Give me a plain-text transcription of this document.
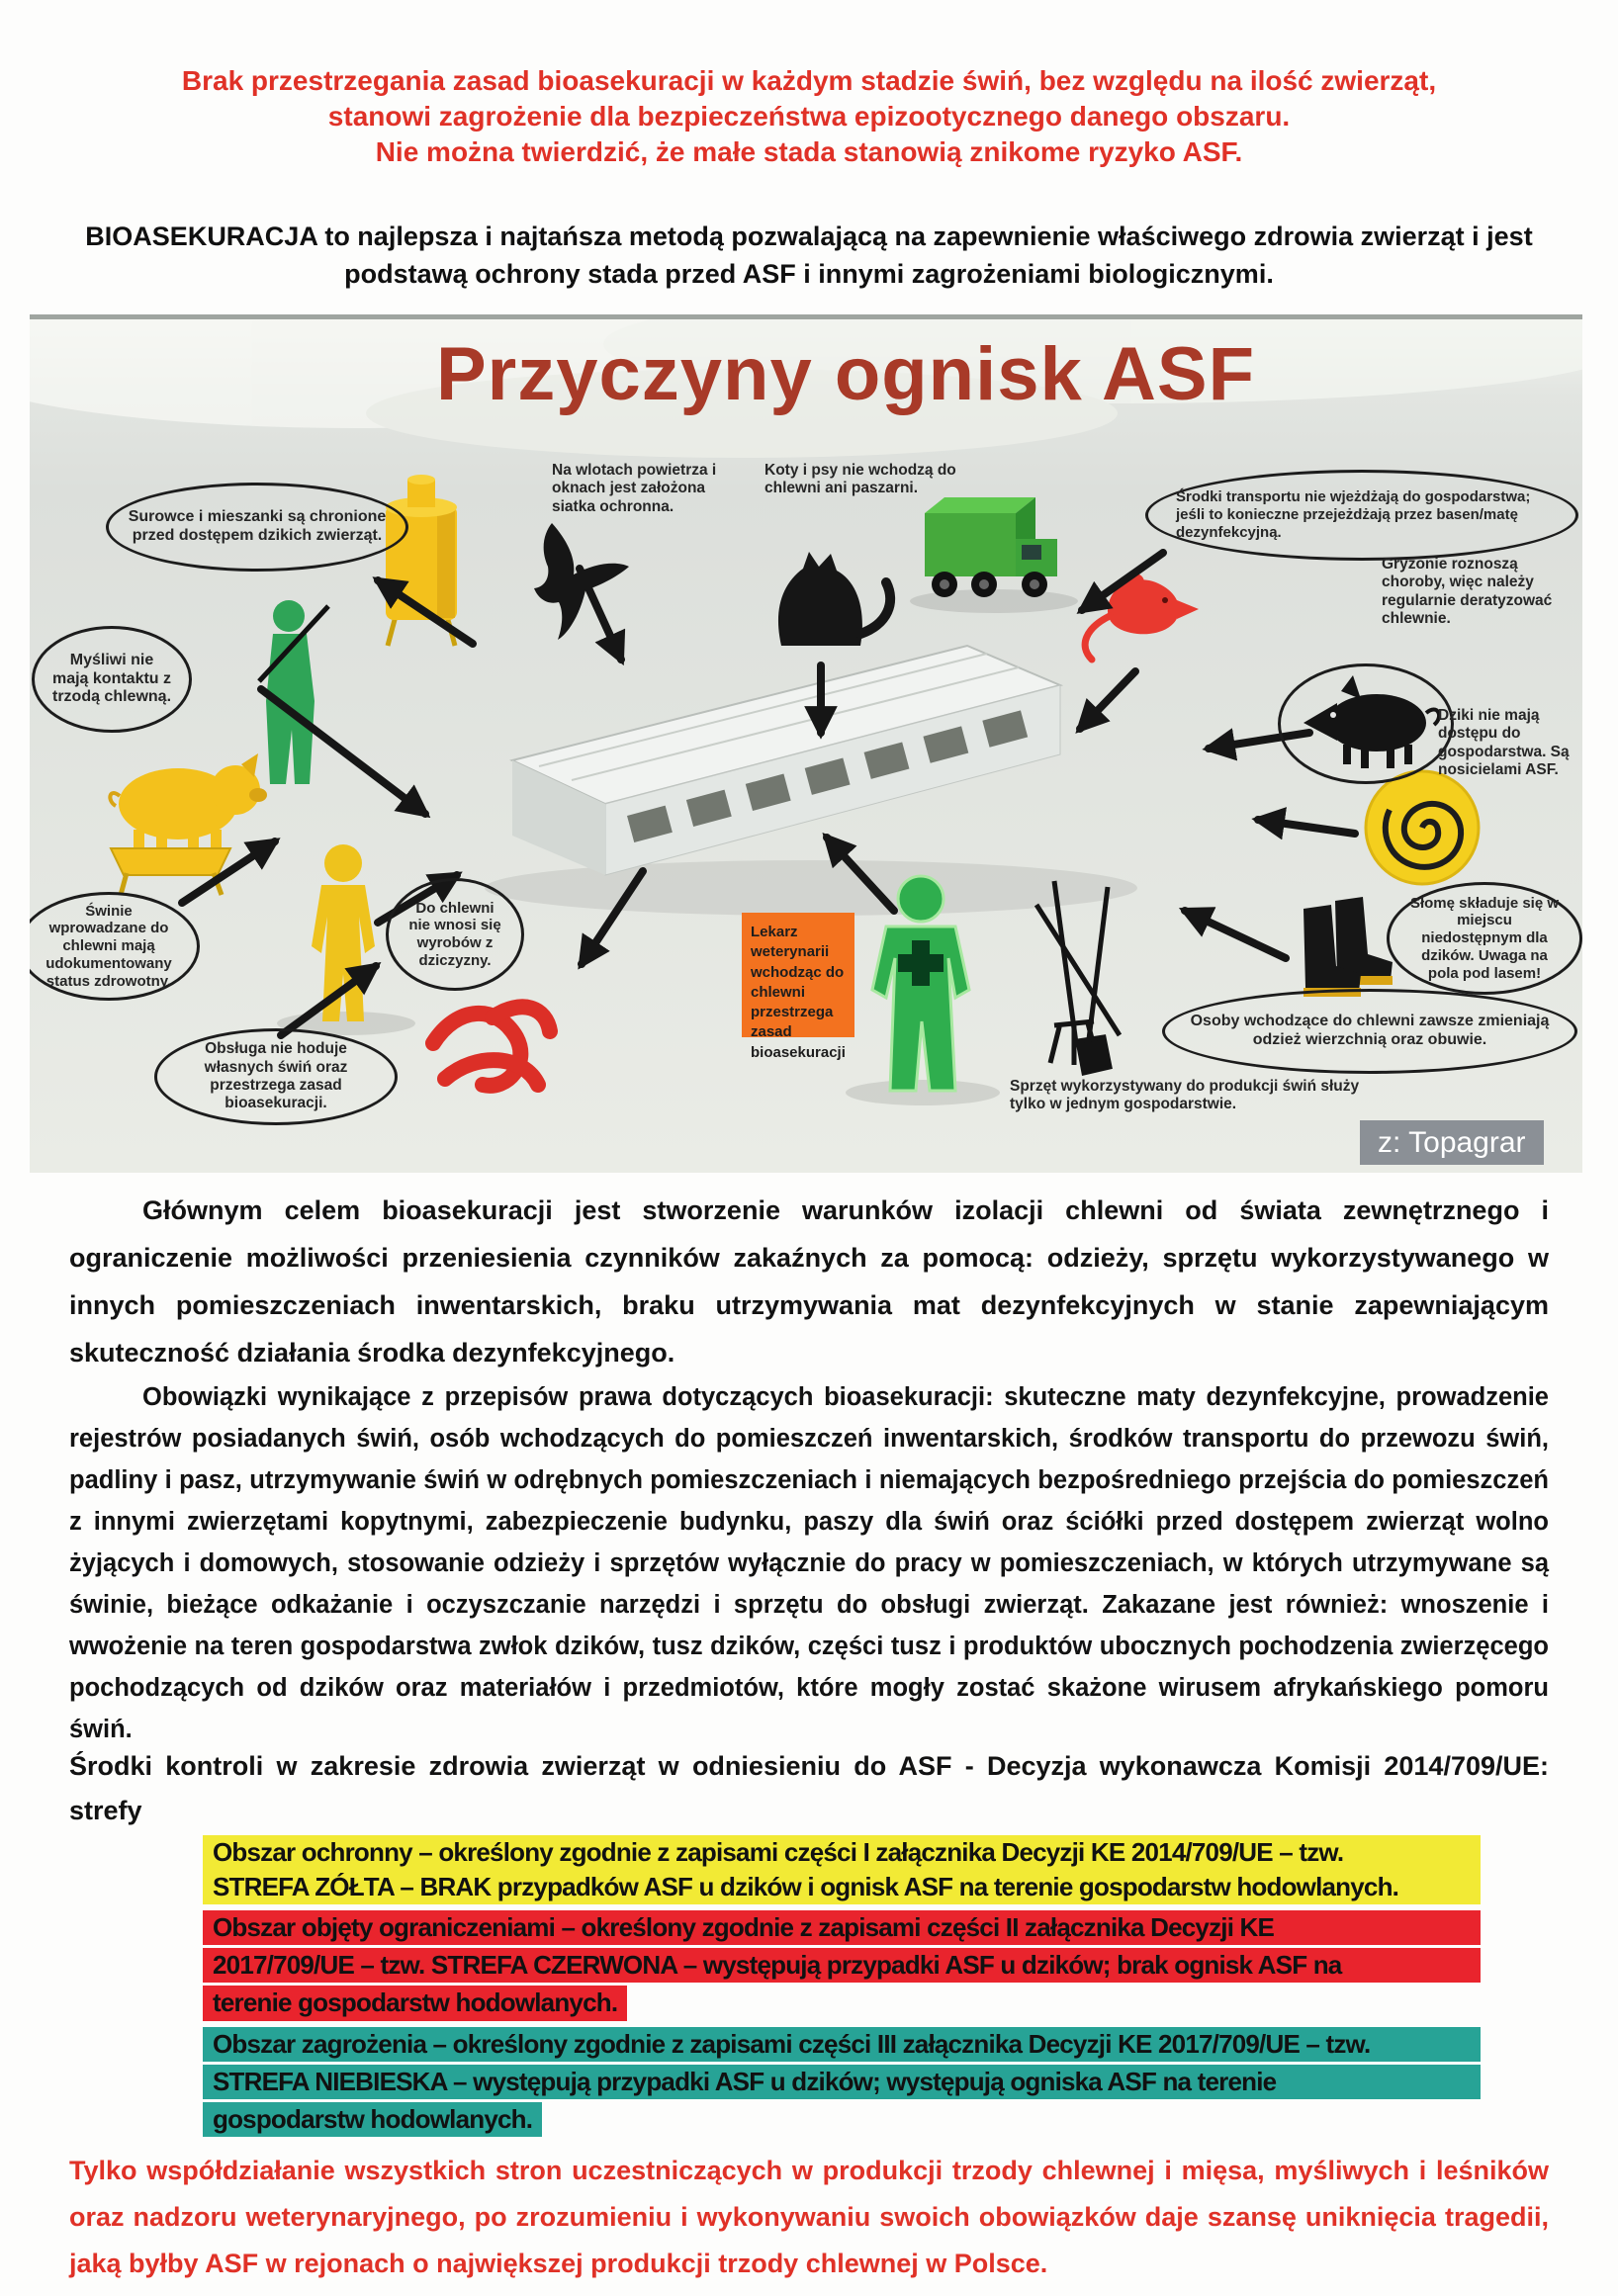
Brak przestrzegania zasad bioasekuracji w każdym stadzie świń, bez względu na ilość zwierząt,
stanowi zagrożenie dla bezpieczeństwa epizootycznego danego obszaru.
Nie można twierdzić, że małe stada stanowią znikome ryzyko ASF.
BIOASEKURACJA to najlepsza i najtańsza metodą pozwalającą na zapewnienie właściwego zdrowia zwierząt i jest podstawą ochrony stada przed ASF i innymi zagrożeniami biologicznymi.
Przyczyny ognisk ASF
Surowce i mieszanki są chronione przed dostępem dzikich zwierząt.
Na wlotach powietrza i oknach jest założona siatka ochronna.
Koty i psy nie wchodzą do chlewni ani paszarni.
Środki transportu nie wjeżdżają do gospodarstwa; jeśli to konieczne przejeżdżają przez basen/matę dezynfekcyjną.
Gryzonie roznoszą choroby, więc należy regularnie deratyzować chlewnie.
Myśliwi nie mają kontaktu z trzodą chlewną.
Dziki nie mają dostępu do gospodarstwa. Są nosicielami ASF.
Świnie wprowadzane do chlewni mają udokumentowany status zdrowotny.
Do chlewni nie wnosi się wyrobów z dziczyzny.
Lekarz weterynarii wchodząc do chlewni przestrzega zasad bioasekuracji
Słomę składuje się w miejscu niedostępnym dla dzików. Uwaga na pola pod lasem!
Obsługa nie hoduje własnych świń oraz przestrzega zasad bioasekuracji.
Osoby wchodzące do chlewni zawsze zmieniają odzież wierzchnią oraz obuwie.
Sprzęt wykorzystywany do produkcji świń służy tylko w jednym gospodarstwie.
z: Topagrar
Głównym celem bioasekuracji jest stworzenie warunków izolacji chlewni od świata zewnętrznego i ograniczenie możliwości przeniesienia czynników zakaźnych za pomocą: odzieży, sprzętu wykorzystywanego w innych pomieszczeniach inwentarskich, braku utrzymywania mat dezynfekcyjnych w stanie zapewniającym skuteczność działania środka dezynfekcyjnego.
Obowiązki wynikające z przepisów prawa dotyczących bioasekuracji: skuteczne maty dezynfekcyjne, prowadzenie rejestrów posiadanych świń, osób wchodzących do pomieszczeń inwentarskich, środków transportu do przewozu świń, padliny i pasz, utrzymywanie świń w odrębnych pomieszczeniach i niemających bezpośredniego przejścia do pomieszczeń z innymi zwierzętami kopytnymi, zabezpieczenie budynku, paszy dla świń oraz ściółki przed dostępem zwierząt wolno żyjących i domowych, stosowanie odzieży i sprzętów wyłącznie do pracy w pomieszczeniach, w których utrzymywane są świnie, bieżące odkażanie i oczyszczanie narzędzi i sprzętu do obsługi zwierząt. Zakazane jest również: wnoszenie i wwożenie na teren gospodarstwa zwłok dzików, tusz dzików, części tusz i produktów ubocznych pochodzenia zwierzęcego pochodzących od dzików oraz materiałów i przedmiotów, które mogły zostać skażone wirusem afrykańskiego pomoru świń.
Środki kontroli w zakresie zdrowia zwierząt w odniesieniu do ASF - Decyzja wykonawcza Komisji 2014/709/UE: strefy
Obszar ochronny – określony zgodnie z zapisami części I załącznika Decyzji KE 2014/709/UE – tzw.
STREFA ZÓŁTA – BRAK przypadków ASF u dzików i ognisk ASF na terenie gospodarstw hodowlanych.
Obszar objęty ograniczeniami – określony zgodnie z zapisami części II załącznika Decyzji KE
2017/709/UE – tzw. STREFA CZERWONA – występują przypadki ASF u dzików; brak ognisk ASF na
terenie gospodarstw hodowlanych.
Obszar zagrożenia – określony zgodnie z zapisami części III załącznika Decyzji KE 2017/709/UE – tzw.
STREFA NIEBIESKA – występują przypadki ASF u dzików; występują ogniska ASF na terenie
gospodarstw hodowlanych.
Tylko współdziałanie wszystkich stron uczestniczących w produkcji trzody chlewnej i mięsa, myśliwych i leśników oraz nadzoru weterynaryjnego, po zrozumieniu i wykonywaniu swoich obowiązków daje szansę uniknięcia tragedii, jaką byłby ASF w rejonach o największej produkcji trzody chlewnej w Polsce.
